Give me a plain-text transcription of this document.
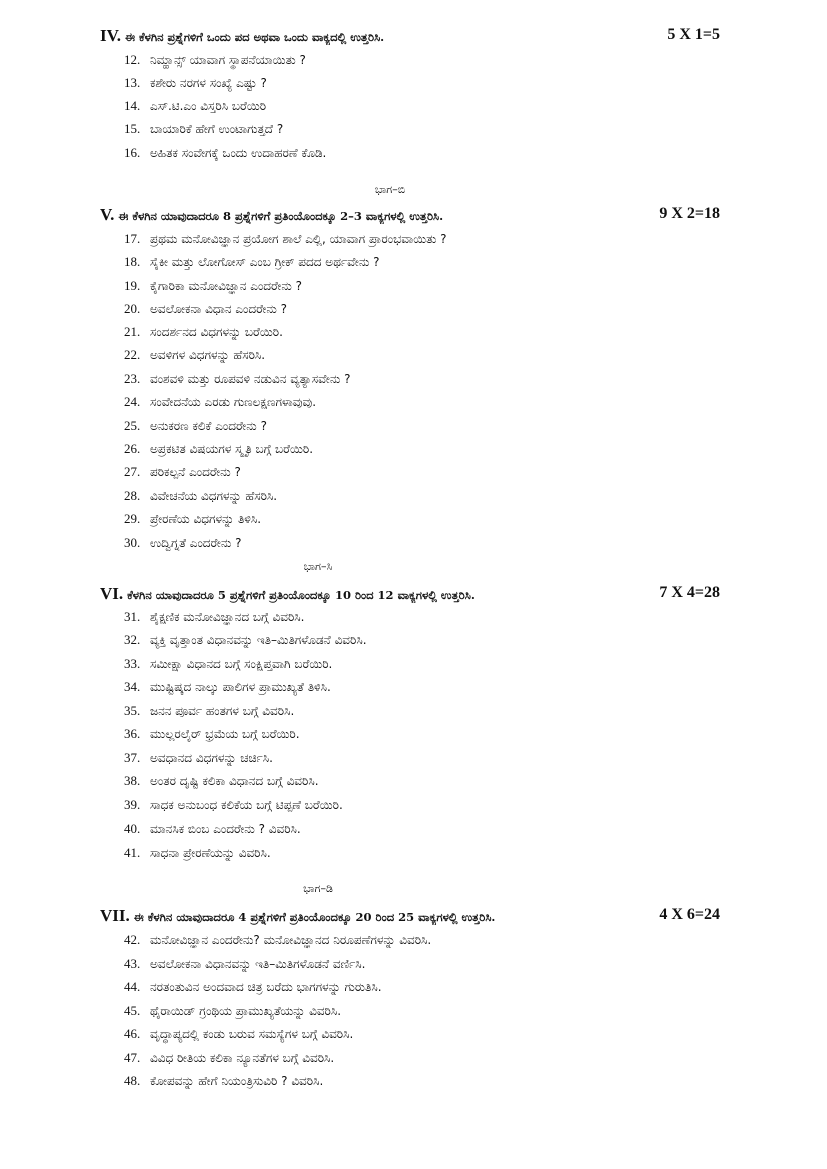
IV. ಈ ಕೆಳಗಿನ ಪ್ರಶ್ನೆಗಳಿಗೆ ಒಂದು ಪದ ಅಥವಾ ಒಂದು ವಾಕ್ಯದಲ್ಲಿ ಉತ್ತರಿಸಿ.	5 X 1=5
12. ನಿಮ್ಹಾನ್ಸ್ ಯಾವಾಗ ಸ್ಥಾಪನೆಯಾಯಿತು ?
13. ಕಶೇರು ನರಗಳ ಸಂಖ್ಯೆ ಎಷ್ಟು ?
14. ಎಸ್.ಟಿ.ಎಂ ವಿಸ್ತರಿಸಿ ಬರೆಯಿರಿ
15. ಬಾಯಾರಿಕೆ ಹೇಗೆ ಉಂಟಾಗುತ್ತದೆ ?
16. ಅಹಿತಕ ಸಂವೇಗಕ್ಕೆ ಒಂದು ಉದಾಹರಣೆ ಕೊಡಿ.
ಭಾಗ–ಬಿ
V. ಈ ಕೆಳಗಿನ ಯಾವುದಾದರೂ 8 ಪ್ರಶ್ನೆಗಳಿಗೆ ಪ್ರತಿಂಯೊಂದಕ್ಕೂ 2–3 ವಾಕ್ಯಗಳಲ್ಲಿ ಉತ್ತರಿಸಿ.	9 X 2=18
17. ಪ್ರಥಮ ಮನೋವಿಜ್ಞಾನ ಪ್ರಯೋಗ ಶಾಲೆ ಎಲ್ಲಿ, ಯಾವಾಗ ಪ್ರಾರಂಭವಾಯಿತು ?
18. ಸೈಕೀ ಮತ್ತು ಲೋಗೋಸ್ ಎಂಬ ಗ್ರೀಕ್ ಪದದ ಅರ್ಥವೇನು ?
19. ಕೈಗಾರಿಕಾ ಮನೋವಿಜ್ಞಾನ ಎಂದರೇನು ?
20. ಅವಲೋಕನಾ ವಿಧಾನ ಎಂದರೇನು ?
21. ಸಂದರ್ಶನದ ವಿಧಗಳನ್ನು ಬರೆಯಿರಿ.
22. ಅವಳಿಗಳ ವಿಧಗಳನ್ನು ಹೆಸರಿಸಿ.
23. ವಂಶವಳಿ ಮತ್ತು ರೂಪವಳಿ ನಡುವಿನ ವ್ಯತ್ಯಾಸವೇನು ?
24. ಸಂವೇದನೆಯ ಎರಡು ಗುಣಲಕ್ಷಣಗಳಾವುವು.
25. ಅನುಕರಣ ಕಲಿಕೆ ಎಂದರೇನು ?
26. ಅಪ್ರಕಟಿತ ವಿಷಯಗಳ ಸ್ಮೃತಿ ಬಗ್ಗೆ ಬರೆಯಿರಿ.
27. ಪರಿಕಲ್ಪನೆ ಎಂದರೇನು ?
28. ವಿವೇಚನೆಯ ವಿಧಗಳನ್ನು ಹೆಸರಿಸಿ.
29. ಪ್ರೇರಣೆಯ ವಿಧಗಳನ್ನು ತಿಳಿಸಿ.
30. ಉದ್ವಿಗ್ನತೆ ಎಂದರೇನು ?
ಭಾಗ–ಸಿ
VI. ಕೆಳಗಿನ ಯಾವುದಾದರೂ 5 ಪ್ರಶ್ನೆಗಳಿಗೆ ಪ್ರತಿಂಯೊಂದಕ್ಕೂ 10 ರಿಂದ 12 ವಾಕ್ಯಗಳಲ್ಲಿ ಉತ್ತರಿಸಿ.	7 X 4=28
31. ಶೈಕ್ಷಣಿಕ ಮನೋವಿಜ್ಞಾನದ ಬಗ್ಗೆ ವಿವರಿಸಿ.
32. ವ್ಯಕ್ತಿ ವೃತ್ತಾಂತ ವಿಧಾನವನ್ನು ಇತಿ–ಮಿತಿಗಳೊಡನೆ ವಿವರಿಸಿ.
33. ಸಮೀಕ್ಷಾ ವಿಧಾನದ ಬಗ್ಗೆ ಸಂಕ್ಷಿಪ್ತವಾಗಿ ಬರೆಯಿರಿ.
34. ಮುಷ್ಟಿಷ್ಕದ ನಾಲ್ಕು ಪಾಲಿಗಳ ಪ್ರಾಮುಖ್ಯತೆ ತಿಳಿಸಿ.
35. ಜನನ ಪೂರ್ವ ಹಂತಗಳ ಬಗ್ಗೆ ವಿವರಿಸಿ.
36. ಮುಲ್ಲರಲೈರ್ ಭ್ರಮೆಯ ಬಗ್ಗೆ ಬರೆಯಿರಿ.
37. ಅವಧಾನದ ವಿಧಗಳನ್ನು ಚರ್ಚಿಸಿ.
38. ಅಂತರ ದೃಷ್ಟಿ ಕಲಿಕಾ ವಿಧಾನದ ಬಗ್ಗೆ ವಿವರಿಸಿ.
39. ಸಾಧಕ ಅನುಬಂಧ ಕಲಿಕೆಯ ಬಗ್ಗೆ ಟಿಪ್ಪಣೆ ಬರೆಯಿರಿ.
40. ಮಾನಸಿಕ ಬಿಂಬ ಎಂದರೇನು ? ವಿವರಿಸಿ.
41. ಸಾಧನಾ ಪ್ರೇರಣೆಯನ್ನು ವಿವರಿಸಿ.
ಭಾಗ–ಡಿ
VII. ಈ ಕೆಳಗಿನ ಯಾವುದಾದರೂ 4 ಪ್ರಶ್ನೆಗಳಿಗೆ ಪ್ರತಿಂಯೊಂದಕ್ಕೂ 20 ರಿಂದ 25 ವಾಕ್ಯಗಳಲ್ಲಿ ಉತ್ತರಿಸಿ.	4 X 6=24
42. ಮನೋವಿಜ್ಞಾನ ಎಂದರೇನು? ಮನೋವಿಜ್ಞಾನದ ನಿರೂಪಣೆಗಳನ್ನು ವಿವರಿಸಿ.
43. ಅವಲೋಕನಾ ವಿಧಾನವನ್ನು ಇತಿ–ಮಿತಿಗಳೊಡನೆ ವರ್ಣಿಸಿ.
44. ನರತಂತುವಿನ ಅಂದವಾದ ಚಿತ್ರ ಬರೆದು ಭಾಗಗಳನ್ನು ಗುರುತಿಸಿ.
45. ಥೈರಾಯಿಡ್ ಗ್ರಂಥಿಯ ಪ್ರಾಮುಖ್ಯತೆಯನ್ನು ವಿವರಿಸಿ.
46. ವೃದ್ಧಾಪ್ಯದಲ್ಲಿ ಕಂಡು ಬರುವ ಸಮಸ್ಯೆಗಳ ಬಗ್ಗೆ ವಿವರಿಸಿ.
47. ವಿವಿಧ ರೀತಿಯ ಕಲಿಕಾ ನ್ಯೂನತೆಗಳ ಬಗ್ಗೆ ವಿವರಿಸಿ.
48. ಕೋಪವನ್ನು ಹೇಗೆ ನಿಯಂತ್ರಿಸುವಿರಿ ? ವಿವರಿಸಿ.
